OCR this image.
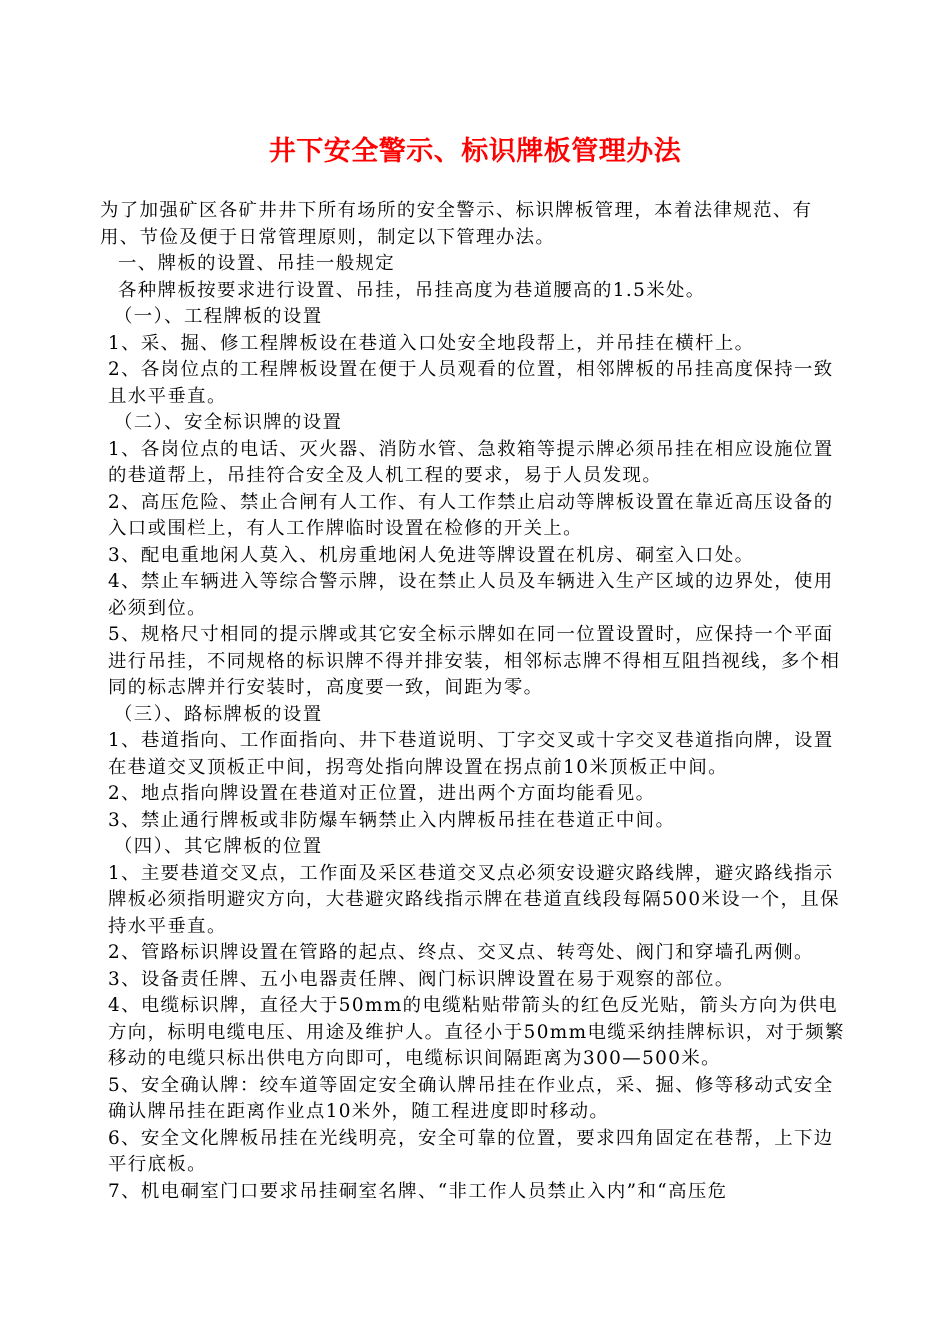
井下安全警示、标识牌板管理办法

为了加强矿区各矿井井下所有场所的安全警示、标识牌板管理，本着法律规范、有用、节俭及便于日常管理原则，制定以下管理办法。

一、牌板的设置、吊挂一般规定

各种牌板按要求进行设置、吊挂，吊挂高度为巷道腰高的1.5米处。

（一）、工程牌板的设置

1、采、掘、修工程牌板设在巷道入口处安全地段帮上，并吊挂在横杆上。

2、各岗位点的工程牌板设置在便于人员观看的位置，相邻牌板的吊挂高度保持一致且水平垂直。

（二）、安全标识牌的设置

1、各岗位点的电话、灭火器、消防水管、急救箱等提示牌必须吊挂在相应设施位置的巷道帮上，吊挂符合安全及人机工程的要求，易于人员发现。

2、高压危险、禁止合闸有人工作、有人工作禁止启动等牌板设置在靠近高压设备的入口或围栏上，有人工作牌临时设置在检修的开关上。

3、配电重地闲人莫入、机房重地闲人免进等牌设置在机房、硐室入口处。

4、禁止车辆进入等综合警示牌，设在禁止人员及车辆进入生产区域的边界处，使用必须到位。

5、规格尺寸相同的提示牌或其它安全标示牌如在同一位置设置时，应保持一个平面进行吊挂，不同规格的标识牌不得并排安装，相邻标志牌不得相互阻挡视线，多个相同的标志牌并行安装时，高度要一致，间距为零。

（三）、路标牌板的设置

1、巷道指向、工作面指向、井下巷道说明、丁字交叉或十字交叉巷道指向牌，设置在巷道交叉顶板正中间，拐弯处指向牌设置在拐点前10米顶板正中间。

2、地点指向牌设置在巷道对正位置，进出两个方面均能看见。

3、禁止通行牌板或非防爆车辆禁止入内牌板吊挂在巷道正中间。

（四）、其它牌板的位置

1、主要巷道交叉点，工作面及采区巷道交叉点必须安设避灾路线牌，避灾路线指示牌板必须指明避灾方向，大巷避灾路线指示牌在巷道直线段每隔500米设一个，且保持水平垂直。

2、管路标识牌设置在管路的起点、终点、交叉点、转弯处、阀门和穿墙孔两侧。

3、设备责任牌、五小电器责任牌、阀门标识牌设置在易于观察的部位。

4、电缆标识牌，直径大于50mm的电缆粘贴带箭头的红色反光贴，箭头方向为供电方向，标明电缆电压、用途及维护人。直径小于50mm电缆采纳挂牌标识，对于频繁移动的电缆只标出供电方向即可，电缆标识间隔距离为300—500米。

5、安全确认牌：绞车道等固定安全确认牌吊挂在作业点，采、掘、修等移动式安全确认牌吊挂在距离作业点10米外，随工程进度即时移动。

6、安全文化牌板吊挂在光线明亮，安全可靠的位置，要求四角固定在巷帮，上下边平行底板。

7、机电硐室门口要求吊挂硐室名牌、“非工作人员禁止入内”和“高压危
